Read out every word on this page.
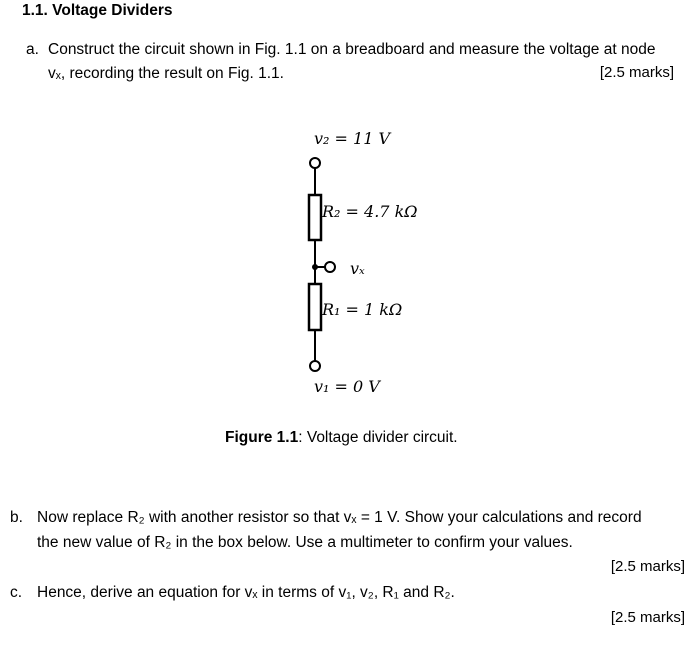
1.1. Voltage Dividers
a. Construct the circuit shown in Fig. 1.1 on a breadboard and measure the voltage at node
vₓ, recording the result on Fig. 1.1.	[2.5 marks]
v₂ = 11 V
R₂ = 4.7 kΩ
vₓ
R₁ = 1 kΩ
v₁ = 0 V
Figure 1.1: Voltage divider circuit.
b. Now replace R₂ with another resistor so that vₓ = 1 V. Show your calculations and record
the new value of R₂ in the box below. Use a multimeter to confirm your values.
[2.5 marks]
c. Hence, derive an equation for vₓ in terms of v₁, v₂, R₁ and R₂.
[2.5 marks]
